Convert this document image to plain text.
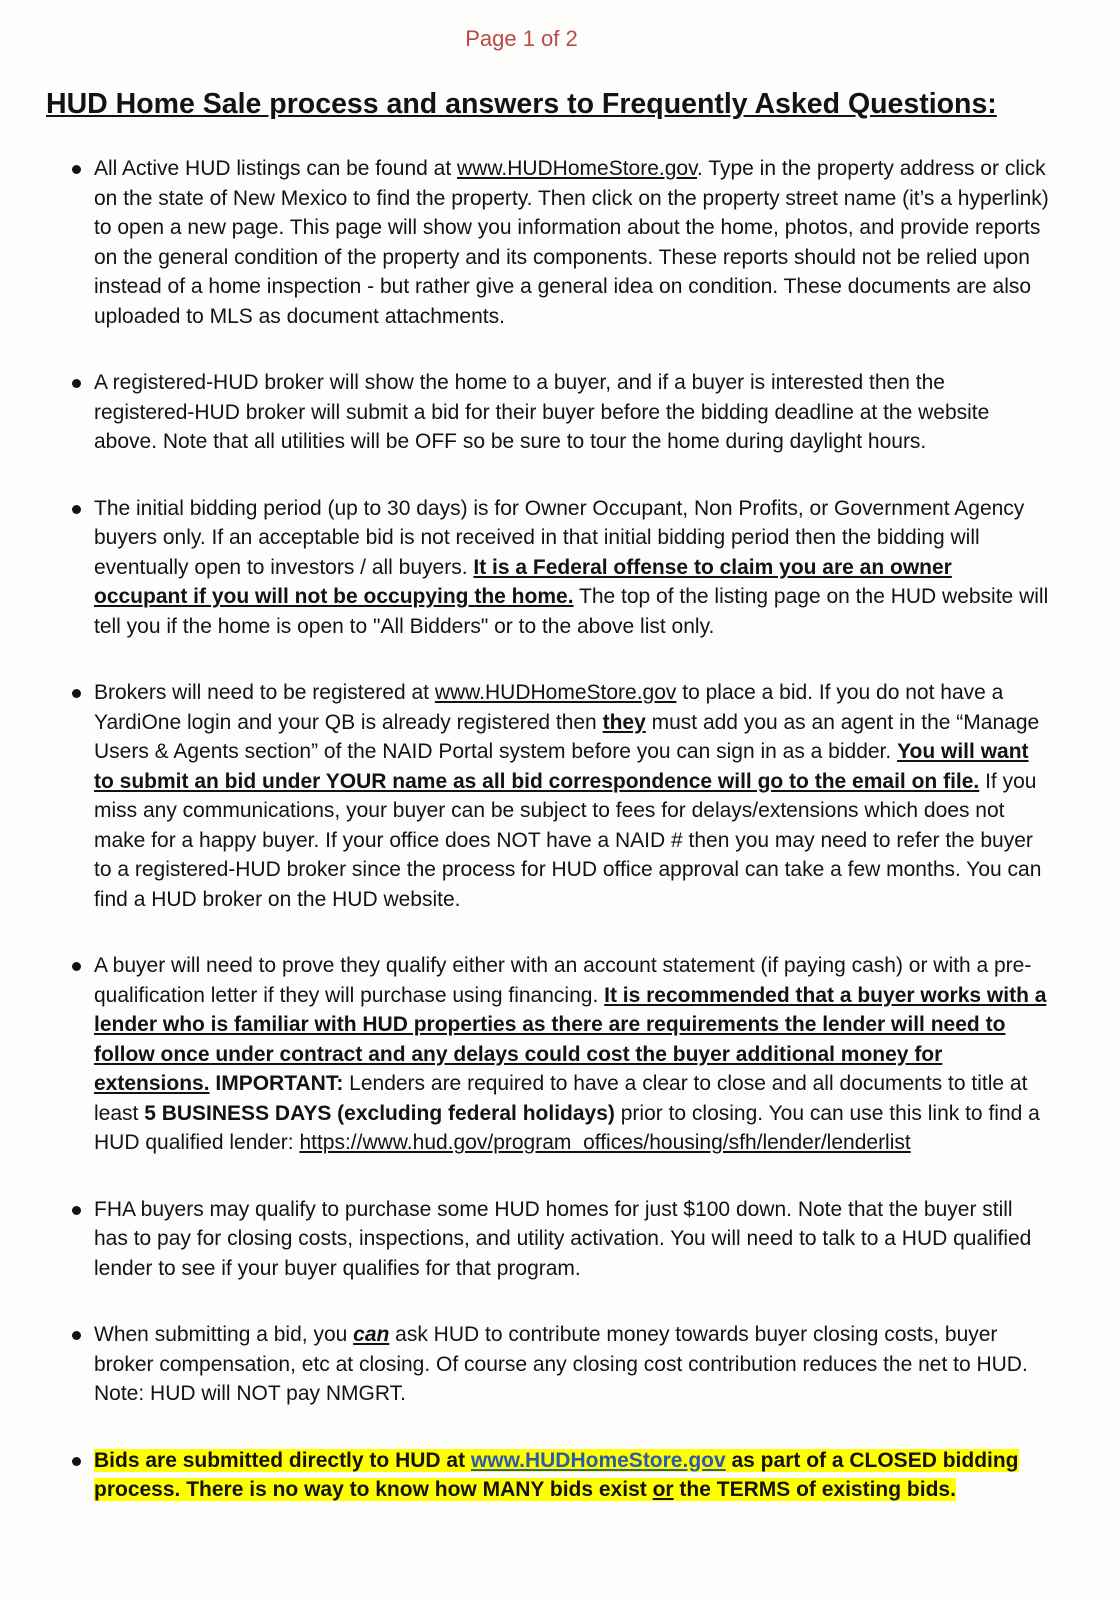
Page 1 of 2
HUD Home Sale process and answers to Frequently Asked Questions:
All Active HUD listings can be found at www.HUDHomeStore.gov. Type in the property address or click on the state of New Mexico to find the property. Then click on the property street name (it’s a hyperlink) to open a new page. This page will show you information about the home, photos, and provide reports on the general condition of the property and its components. These reports should not be relied upon instead of a home inspection - but rather give a general idea on condition. These documents are also uploaded to MLS as document attachments.
A registered-HUD broker will show the home to a buyer, and if a buyer is interested then the registered-HUD broker will submit a bid for their buyer before the bidding deadline at the website above. Note that all utilities will be OFF so be sure to tour the home during daylight hours.
The initial bidding period (up to 30 days) is for Owner Occupant, Non Profits, or Government Agency buyers only. If an acceptable bid is not received in that initial bidding period then the bidding will eventually open to investors / all buyers. It is a Federal offense to claim you are an owner occupant if you will not be occupying the home. The top of the listing page on the HUD website will tell you if the home is open to "All Bidders" or to the above list only.
Brokers will need to be registered at www.HUDHomeStore.gov to place a bid. If you do not have a YardiOne login and your QB is already registered then they must add you as an agent in the “Manage Users & Agents section” of the NAID Portal system before you can sign in as a bidder. You will want to submit an bid under YOUR name as all bid correspondence will go to the email on file. If you miss any communications, your buyer can be subject to fees for delays/extensions which does not make for a happy buyer. If your office does NOT have a NAID # then you may need to refer the buyer to a registered-HUD broker since the process for HUD office approval can take a few months. You can find a HUD broker on the HUD website.
A buyer will need to prove they qualify either with an account statement (if paying cash) or with a pre-qualification letter if they will purchase using financing. It is recommended that a buyer works with a lender who is familiar with HUD properties as there are requirements the lender will need to follow once under contract and any delays could cost the buyer additional money for extensions. IMPORTANT: Lenders are required to have a clear to close and all documents to title at least 5 BUSINESS DAYS (excluding federal holidays) prior to closing. You can use this link to find a HUD qualified lender: https://www.hud.gov/program_offices/housing/sfh/lender/lenderlist
FHA buyers may qualify to purchase some HUD homes for just $100 down. Note that the buyer still has to pay for closing costs, inspections, and utility activation. You will need to talk to a HUD qualified lender to see if your buyer qualifies for that program.
When submitting a bid, you can ask HUD to contribute money towards buyer closing costs, buyer broker compensation, etc at closing. Of course any closing cost contribution reduces the net to HUD. Note: HUD will NOT pay NMGRT.
Bids are submitted directly to HUD at www.HUDHomeStore.gov as part of a CLOSED bidding process. There is no way to know how MANY bids exist or the TERMS of existing bids.
